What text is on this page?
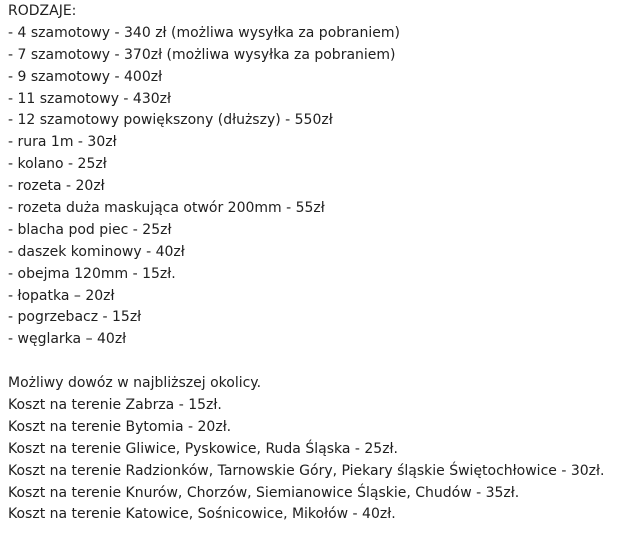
RODZAJE:
- 4 szamotowy - 340 zł (możliwa wysyłka za pobraniem)
- 7 szamotowy - 370zł (możliwa wysyłka za pobraniem)
- 9 szamotowy - 400zł
- 11 szamotowy - 430zł
- 12 szamotowy powiększony (dłuższy) - 550zł
- rura 1m - 30zł
- kolano - 25zł
- rozeta - 20zł
- rozeta duża maskująca otwór 200mm - 55zł
- blacha pod piec - 25zł
- daszek kominowy - 40zł
- obejma 120mm - 15zł.
- łopatka – 20zł
- pogrzebacz - 15zł
- węglarka – 40zł
Możliwy dowóz w najbliższej okolicy.
Koszt na terenie Zabrza - 15zł.
Koszt na terenie Bytomia - 20zł.
Koszt na terenie Gliwice, Pyskowice, Ruda Śląska - 25zł.
Koszt na terenie Radzionków, Tarnowskie Góry, Piekary śląskie Świętochłowice - 30zł.
Koszt na terenie Knurów, Chorzów, Siemianowice Śląskie, Chudów - 35zł.
Koszt na terenie Katowice, Sośnicowice, Mikołów - 40zł.
